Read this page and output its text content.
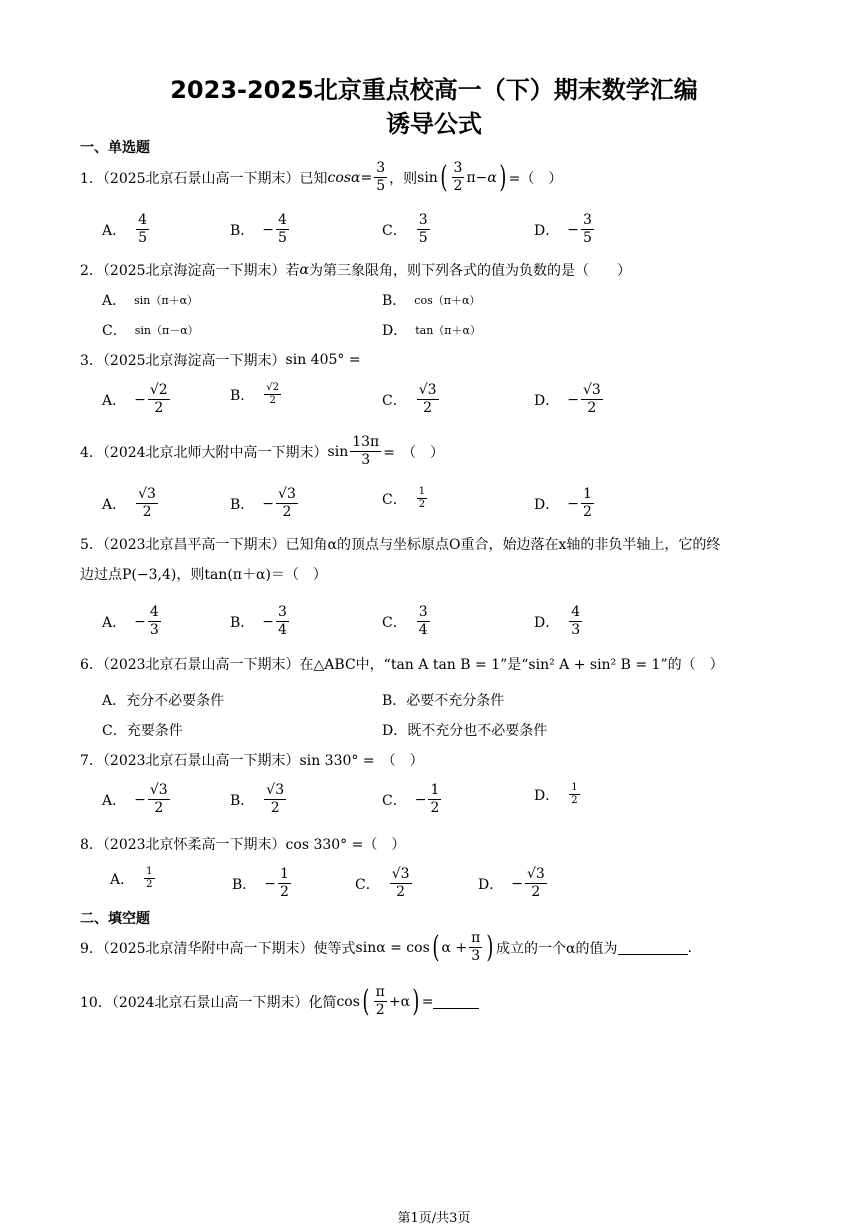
2023-2025北京重点校高一（下）期末数学汇编
诱导公式
一、单选题
1．（2025北京石景山高一下期末）已知 $\cos \alpha = \frac{3}{5}$ ，则 sin ( 3
2
π − α ) =（　）
A．
4
5	B． − $\frac{4}{5}$	C．
3
5	D． − $\frac{3}{5}$
2．（2025北京海淀高一下期末）若 α 为第三象限角，则下列各式的值为负数的是（　　）
A． sin（π＋α）	B． cos（π＋α）
C． sin（π－α）	D． tan（π＋α）
3．（2025北京海淀高一下期末） sin 405° =
A． − $\frac{√2}{2}$	B． √2
2	C．
√3
2	D． − $\frac{√3}{2}$
4．（2024北京北师大附中高一下期末） $\sin \frac{13\pi}{3}$ =　（　）
A．
√3
2	B． − $\frac{√3}{2}$	C． 1
2	D． − $\frac{1}{2}$
5．（2023北京昌平高一下期末）已知角α的顶点与坐标原点O重合，始边落在x轴的非负半轴上，它的终
边过点P(−3,4)，则tan(π＋α)＝（　）
A． − $\frac{4}{3}$	B． − $\frac{3}{4}$	C．
3
4	D．
4
3
6．（2023北京石景山高一下期末）在△ABC中，“tan A tan B = 1”是“sin² A + sin² B = 1”的（　）
A．充分不必要条件	B．必要不充分条件
C．充要条件	D．既不充分也不必要条件
7．（2023北京石景山高一下期末） sin 330° =　（　）
A． − $\frac{√3}{2}$	B．
√3
2	C． − $\frac{1}{2}$	D． 1
2
8．（2023北京怀柔高一下期末） cos 330° =（　）
A． 1
2	B． − $\frac{1}{2}$	C．
√3
2	D． − $\frac{√3}{2}$
二、填空题
9．（2025北京清华附中高一下期末）使等式 sinα = cos ( $\alpha + \frac{\pi}{3}$ ) 成立的一个α的值为	.
10．（2024北京石景山高一下期末）化简 cos ( π
2
+α ) =
第1页/共3页
